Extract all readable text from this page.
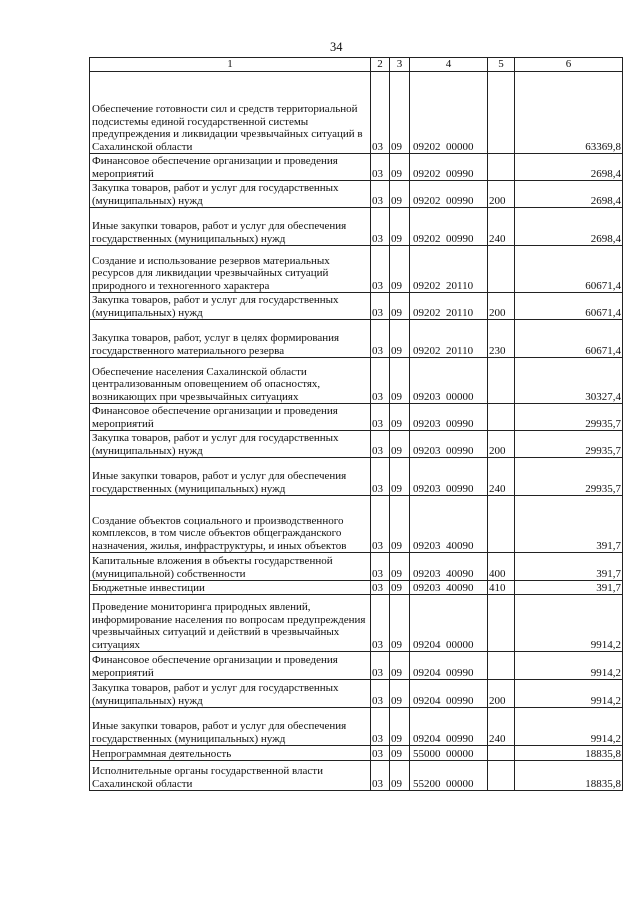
34
1	2	3	4	5	6
Обеспечение готовности сил и средств территориальной подсистемы единой государственной системы предупреждения и ликвидации чрезвычайных ситуаций в Сахалинской области	03	09	09202  00000		63369,8
Финансовое обеспечение организации и проведения мероприятий	03	09	09202  00990		2698,4
Закупка товаров, работ и услуг для государственных (муниципальных) нужд	03	09	09202  00990	200	2698,4
Иные закупки товаров, работ и услуг для обеспечения государственных (муниципальных) нужд	03	09	09202  00990	240	2698,4
Создание и использование резервов материальных ресурсов для ликвидации чрезвычайных ситуаций природного и техногенного характера	03	09	09202  20110		60671,4
Закупка товаров, работ и услуг для государственных (муниципальных) нужд	03	09	09202  20110	200	60671,4
Закупка товаров, работ, услуг в целях формирования государственного материального резерва	03	09	09202  20110	230	60671,4
Обеспечение населения Сахалинской области централизованным оповещением об опасностях, возникающих при чрезвычайных ситуациях	03	09	09203  00000		30327,4
Финансовое обеспечение организации и проведения мероприятий	03	09	09203  00990		29935,7
Закупка товаров, работ и услуг для государственных (муниципальных) нужд	03	09	09203  00990	200	29935,7
Иные закупки товаров, работ и услуг для обеспечения государственных (муниципальных) нужд	03	09	09203  00990	240	29935,7
Создание объектов социального и производственного комплексов, в том числе объектов общегражданского назначения, жилья, инфраструктуры, и иных объектов	03	09	09203  40090		391,7
Капитальные вложения в объекты государственной (муниципальной) собственности	03	09	09203  40090	400	391,7
Бюджетные инвестиции	03	09	09203  40090	410	391,7
Проведение мониторинга природных явлений, информирование населения по вопросам предупреждения чрезвычайных ситуаций и действий в чрезвычайных ситуациях	03	09	09204  00000		9914,2
Финансовое обеспечение организации и проведения мероприятий	03	09	09204  00990		9914,2
Закупка товаров, работ и услуг для государственных (муниципальных) нужд	03	09	09204  00990	200	9914,2
Иные закупки товаров, работ и услуг для обеспечения государственных (муниципальных) нужд	03	09	09204  00990	240	9914,2
Непрограммная деятельность	03	09	55000  00000		18835,8
Исполнительные органы государственной власти Сахалинской области	03	09	55200  00000		18835,8
